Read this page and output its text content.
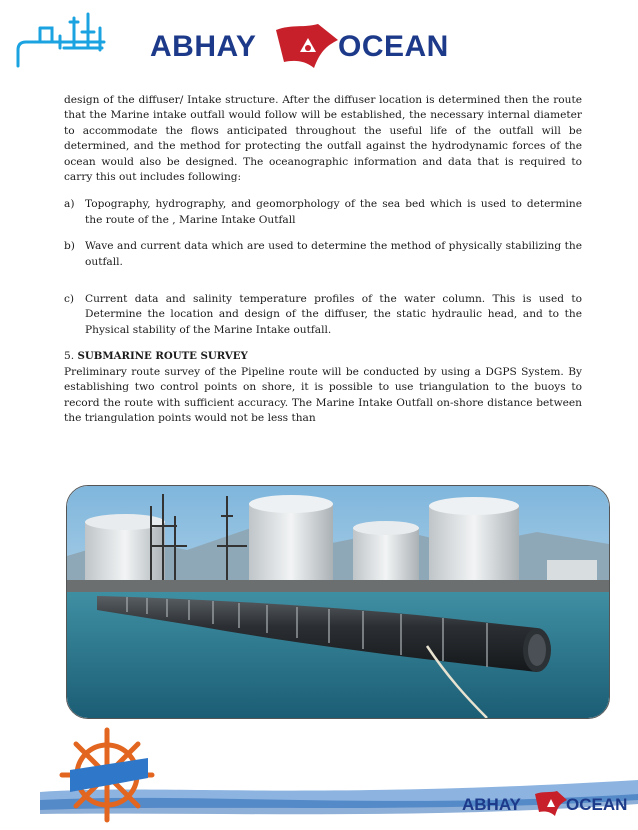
ABHAY	OCEAN

design of the diffuser/ Intake structure. After the diffuser location is determined then the route that the Marine intake outfall would follow will be established, the necessary internal diameter to accommodate the flows anticipated throughout the useful life of the outfall will be determined, and the method for protecting the outfall against the hydrodynamic forces of the ocean would also be designed. The oceanographic information and data that is required to carry this out includes following:

a) Topography, hydrography, and geomorphology of the sea bed which is used to determine the route of the , Marine Intake Outfall
b) Wave and current data which are used to determine the method of physically stabilizing the outfall.
c) Current data and salinity temperature profiles of the water column. This is used to Determine the location and design of the diffuser, the static hydraulic head, and to the Physical stability of the Marine Intake outfall.

5. SUBMARINE ROUTE SURVEY

Preliminary route survey of the Pipeline route will be conducted by using a DGPS System. By establishing two control points on shore, it is possible to use triangulation to the buoys to record the route with sufficient accuracy. The Marine Intake Outfall on-shore distance between the triangulation points would not be less than

ABHAY	OCEAN
